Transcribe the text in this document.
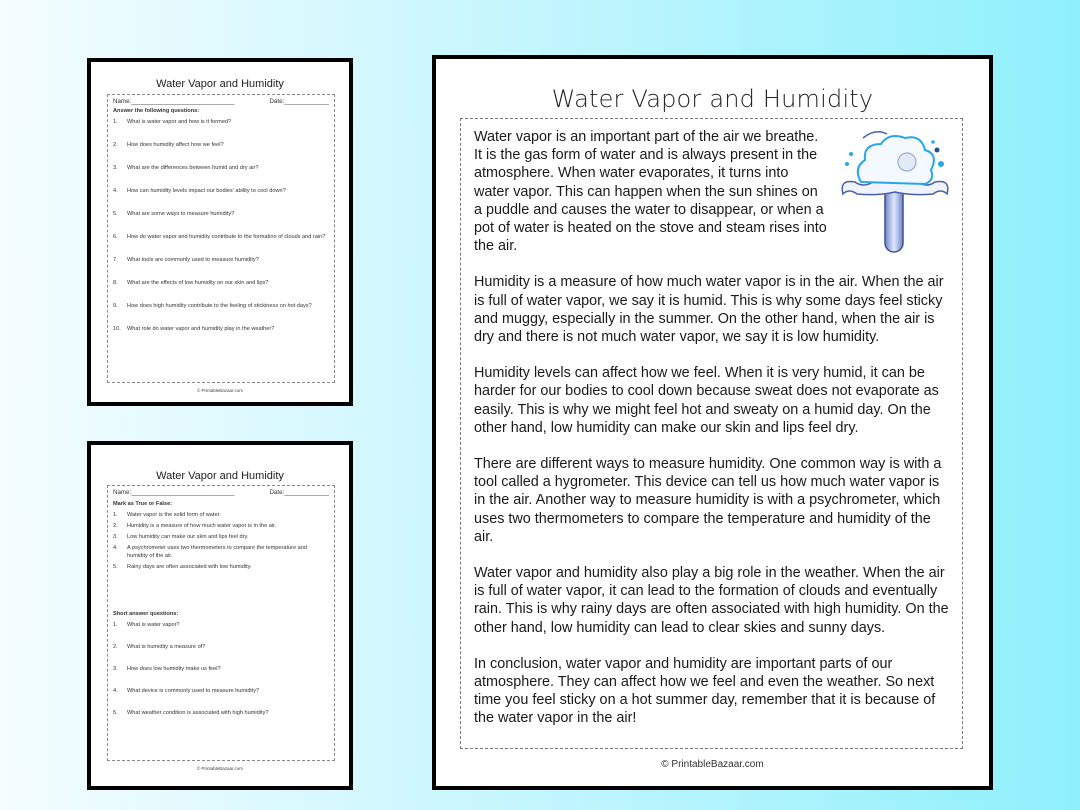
Water Vapor and Humidity
Name:______________________________	Date:_____________
Answer the following questions:
1.	What is water vapor and how is it formed?
2.	How does humidity affect how we feel?
3.	What are the differences between humid and dry air?
4.	How can humidity levels impact our bodies' ability to cool down?
5.	What are some ways to measure humidity?
6.	How do water vapor and humidity contribute to the formation of clouds and rain?
7.	What tools are commonly used to measure humidity?
8.	What are the effects of low humidity on our skin and lips?
9.	How does high humidity contribute to the feeling of stickiness on hot days?
10. What role do water vapor and humidity play in the weather?
© PrintableBazaar.com
Water Vapor and Humidity
Name:______________________________	Date:_____________
Mark as True or False:
1.	Water vapor is the solid form of water.
2.	Humidity is a measure of how much water vapor is in the air.
3.	Low humidity can make our skin and lips feel dry.
4.	A psychrometer uses two thermometers to compare the temperature and humidity of the air.
5.	Rainy days are often associated with low humidity.
Short answer questions:
1.	What is water vapor?
2.	What is humidity a measure of?
3.	How does low humidity make us feel?
4.	What device is commonly used to measure humidity?
5.	What weather condition is associated with high humidity?
© PrintableBazaar.com
Water Vapor and Humidity

Water vapor is an important part of the air we breathe. It is the gas form of water and is always present in the atmosphere. When water evaporates, it turns into water vapor. This can happen when the sun shines on a puddle and causes the water to disappear, or when a pot of water is heated on the stove and steam rises into the air.

Humidity is a measure of how much water vapor is in the air. When the air is full of water vapor, we say it is humid. This is why some days feel sticky and muggy, especially in the summer. On the other hand, when the air is dry and there is not much water vapor, we say it is low humidity.

Humidity levels can affect how we feel. When it is very humid, it can be harder for our bodies to cool down because sweat does not evaporate as easily. This is why we might feel hot and sweaty on a humid day. On the other hand, low humidity can make our skin and lips feel dry.

There are different ways to measure humidity. One common way is with a tool called a hygrometer. This device can tell us how much water vapor is in the air. Another way to measure humidity is with a psychrometer, which uses two thermometers to compare the temperature and humidity of the air.

Water vapor and humidity also play a big role in the weather. When the air is full of water vapor, it can lead to the formation of clouds and eventually rain. This is why rainy days are often associated with high humidity. On the other hand, low humidity can lead to clear skies and sunny days.

In conclusion, water vapor and humidity are important parts of our atmosphere. They can affect how we feel and even the weather. So next time you feel sticky on a hot summer day, remember that it is because of the water vapor in the air!

© PrintableBazaar.com
